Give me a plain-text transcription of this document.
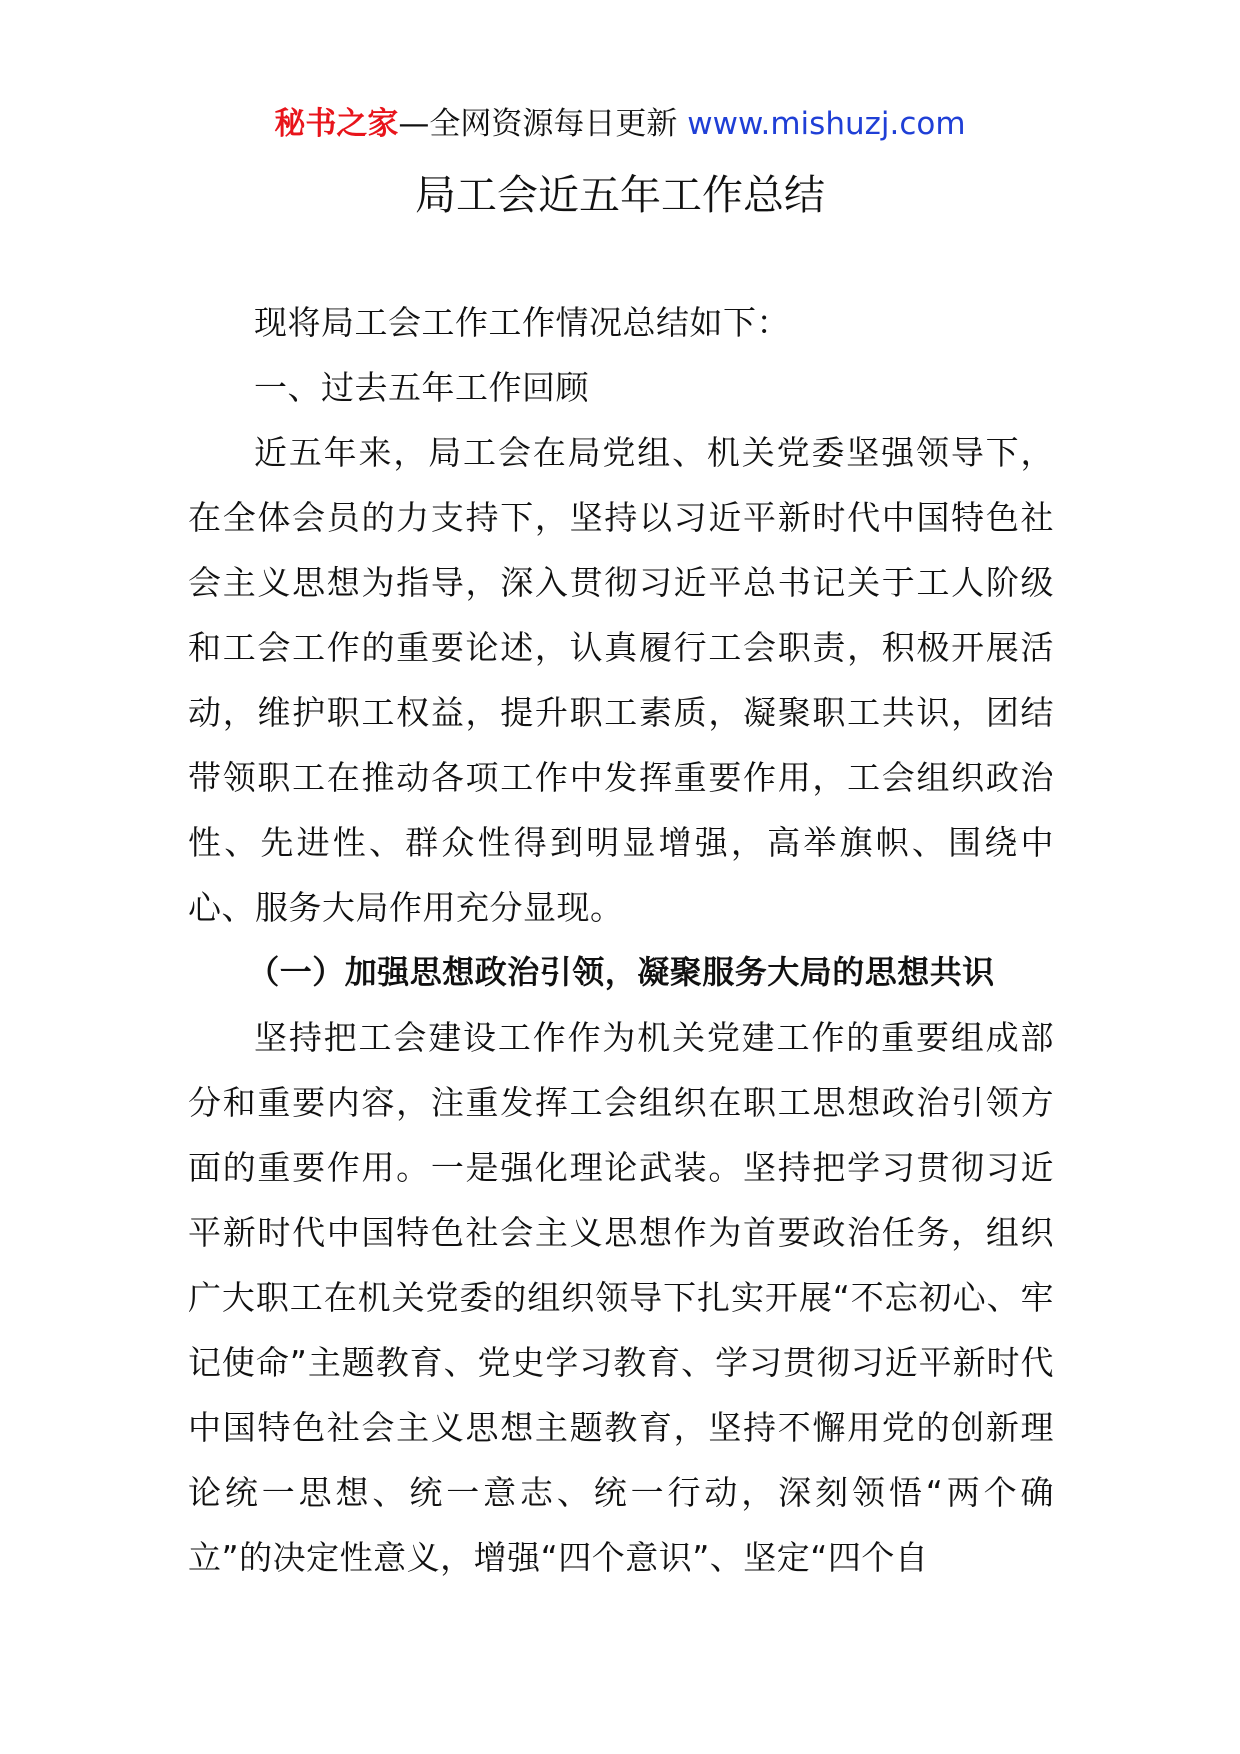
秘书之家—全网资源每日更新 www.mishuzj.com
局工会近五年工作总结

现将局工会工作工作情况总结如下：

一、过去五年工作回顾

近五年来，局工会在局党组、机关党委坚强领导下，在全体会员的力支持下，坚持以习近平新时代中国特色社会主义思想为指导，深入贯彻习近平总书记关于工人阶级和工会工作的重要论述，认真履行工会职责，积极开展活动，维护职工权益，提升职工素质，凝聚职工共识，团结带领职工在推动各项工作中发挥重要作用，工会组织政治性、先进性、群众性得到明显增强，高举旗帜、围绕中心、服务大局作用充分显现。

（一）加强思想政治引领，凝聚服务大局的思想共识

坚持把工会建设工作作为机关党建工作的重要组成部分和重要内容，注重发挥工会组织在职工思想政治引领方面的重要作用。一是强化理论武装。坚持把学习贯彻习近平新时代中国特色社会主义思想作为首要政治任务，组织广大职工在机关党委的组织领导下扎实开展“不忘初心、牢记使命”主题教育、党史学习教育、学习贯彻习近平新时代中国特色社会主义思想主题教育，坚持不懈用党的创新理论统一思想、统一意志、统一行动，深刻领悟“两个确立”的决定性意义，增强“四个意识”、坚定“四个自
